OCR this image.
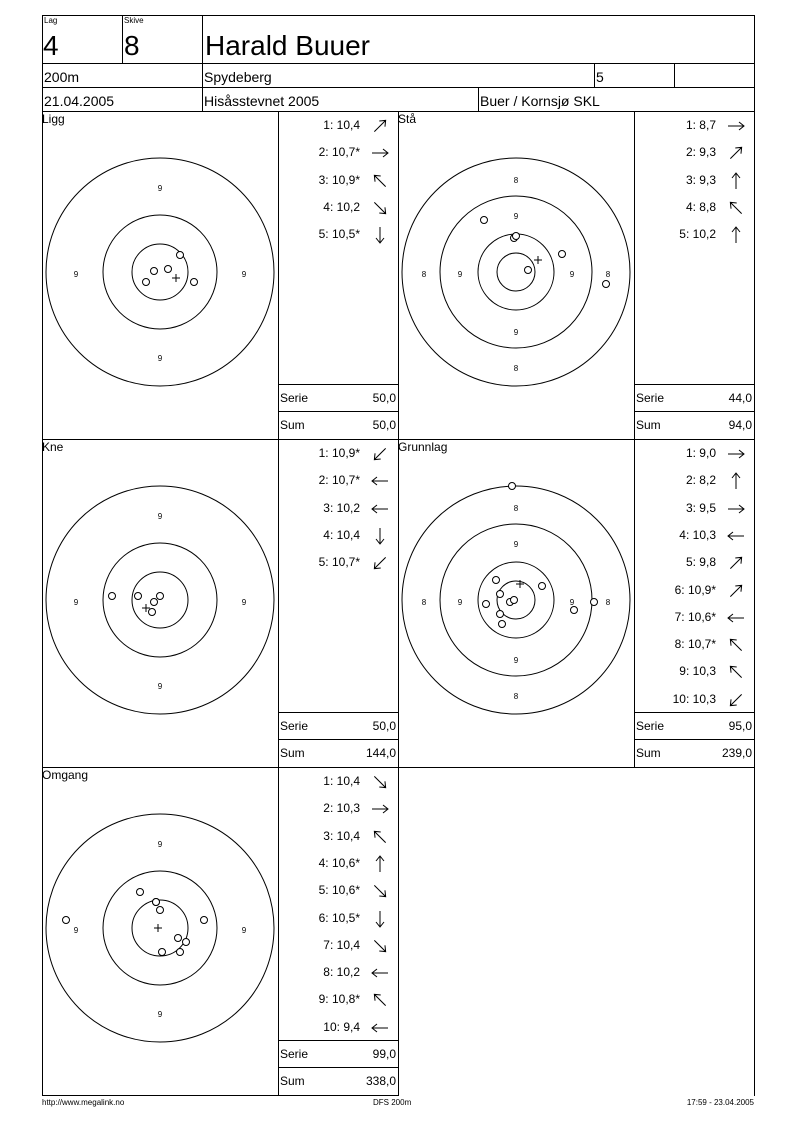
Lag
4
Skive
8 Harald Buuer
200m	Spydeberg	5
21.04.2005	Hisåsstevnet 2005	Buer / Kornsjø SKL
Ligg
9
9	9
9
1: 10,4
2: 10,7*
3: 10,9*
4: 10,2
5: 10,5*
Serie	50,0
Sum	50,0
Stå
8
9
8	9	8
9
9
8
1: 8,7
2: 9,3
3: 9,3
4: 8,8
5: 10,2
Serie	44,0
Sum	94,0
Kne
9
9	9
9
1: 10,9*
2: 10,7*
3: 10,2
4: 10,4
5: 10,7*
Serie	50,0
Sum	144,0
Grunnlag
8
9
8	9	8
9
9
8
1: 9,0
2: 8,2
3: 9,5
4: 10,3
5: 9,8
6: 10,9*
7: 10,6*
8: 10,7*
9: 10,3
10: 10,3
Serie	95,0
Sum	239,0
Omgang
9
9	9
9
1: 10,4
2: 10,3
3: 10,4
4: 10,6*
5: 10,6*
6: 10,5*
7: 10,4
8: 10,2
9: 10,8*
10: 9,4
Serie	99,0
Sum	338,0
http://www.megalink.no	DFS 200m	17:59 - 23.04.2005
